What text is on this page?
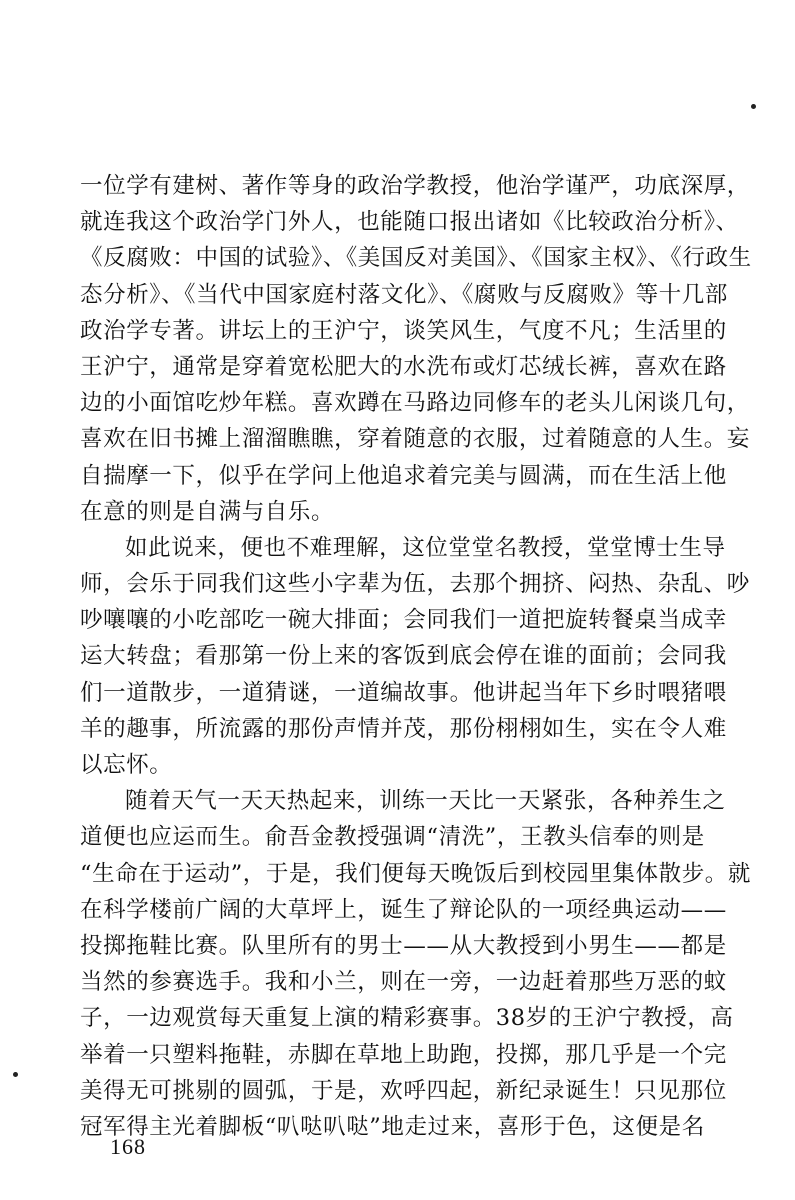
一位学有建树、著作等身的政治学教授，他治学谨严，功底深厚，
就连我这个政治学门外人，也能随口报出诸如《比较政治分析》、
《反腐败：中国的试验》、《美国反对美国》、《国家主权》、《行政生
态分析》、《当代中国家庭村落文化》、《腐败与反腐败》等十几部
政治学专著。讲坛上的王沪宁，谈笑风生，气度不凡；生活里的
王沪宁，通常是穿着宽松肥大的水洗布或灯芯绒长裤，喜欢在路
边的小面馆吃炒年糕。喜欢蹲在马路边同修车的老头儿闲谈几句，
喜欢在旧书摊上溜溜瞧瞧，穿着随意的衣服，过着随意的人生。妄
自揣摩一下，似乎在学问上他追求着完美与圆满，而在生活上他
在意的则是自满与自乐。
如此说来，便也不难理解，这位堂堂名教授，堂堂博士生导
师，会乐于同我们这些小字辈为伍，去那个拥挤、闷热、杂乱、吵
吵嚷嚷的小吃部吃一碗大排面；会同我们一道把旋转餐桌当成幸
运大转盘；看那第一份上来的客饭到底会停在谁的面前；会同我
们一道散步，一道猜谜，一道编故事。他讲起当年下乡时喂猪喂
羊的趣事，所流露的那份声情并茂，那份栩栩如生，实在令人难
以忘怀。
随着天气一天天热起来，训练一天比一天紧张，各种养生之
道便也应运而生。俞吾金教授强调“清洗”，王教头信奉的则是
“生命在于运动”，于是，我们便每天晚饭后到校园里集体散步。就
在科学楼前广阔的大草坪上，诞生了辩论队的一项经典运动——
投掷拖鞋比赛。队里所有的男士——从大教授到小男生——都是
当然的参赛选手。我和小兰，则在一旁，一边赶着那些万恶的蚊
子，一边观赏每天重复上演的精彩赛事。38岁的王沪宁教授，高
举着一只塑料拖鞋，赤脚在草地上助跑，投掷，那几乎是一个完
美得无可挑剔的圆弧，于是，欢呼四起，新纪录诞生！只见那位
冠军得主光着脚板“叭哒叭哒”地走过来，喜形于色，这便是名
168
